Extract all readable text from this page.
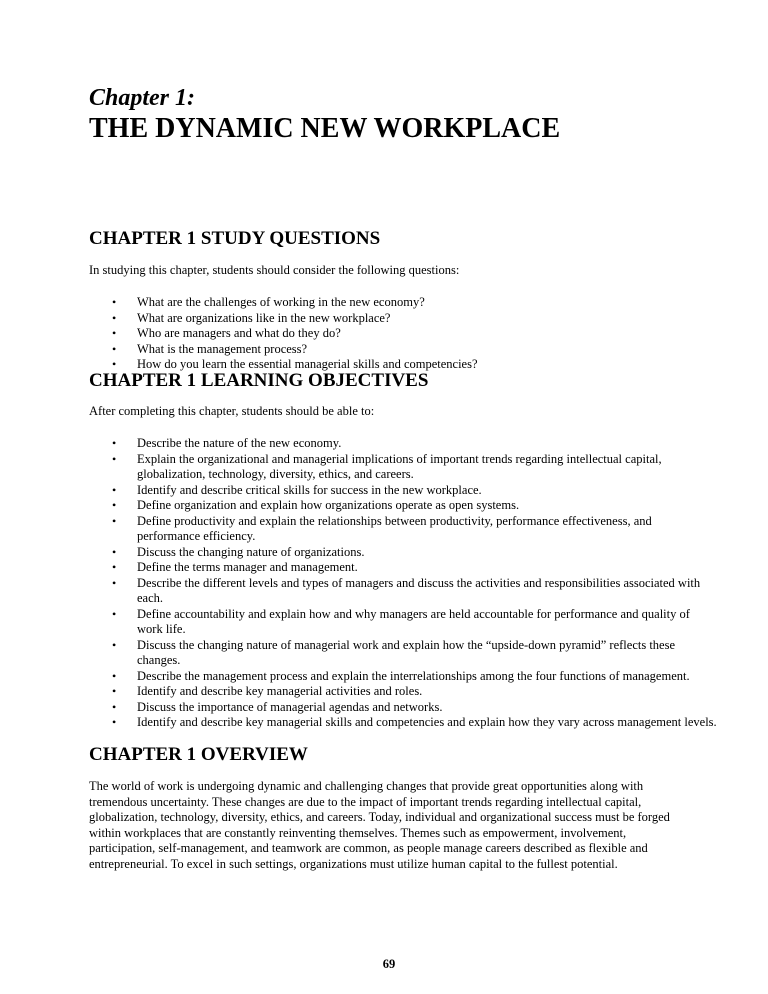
Chapter 1:

THE DYNAMIC NEW WORKPLACE
CHAPTER 1 STUDY QUESTIONS

In studying this chapter, students should consider the following questions:

• What are the challenges of working in the new economy?
• What are organizations like in the new workplace?
• Who are managers and what do they do?
• What is the management process?
• How do you learn the essential managerial skills and competencies?
CHAPTER 1 LEARNING OBJECTIVES

After completing this chapter, students should be able to:

• Describe the nature of the new economy.
• Explain the organizational and managerial implications of important trends regarding intellectual capital, globalization, technology, diversity, ethics, and careers.
• Identify and describe critical skills for success in the new workplace.
• Define organization and explain how organizations operate as open systems.
• Define productivity and explain the relationships between productivity, performance effectiveness, and performance efficiency.
• Discuss the changing nature of organizations.
• Define the terms manager and management.
• Describe the different levels and types of managers and discuss the activities and responsibilities associated with each.
• Define accountability and explain how and why managers are held accountable for performance and quality of work life.
• Discuss the changing nature of managerial work and explain how the “upside-down pyramid” reflects these changes.
• Describe the management process and explain the interrelationships among the four functions of management.
• Identify and describe key managerial activities and roles.
• Discuss the importance of managerial agendas and networks.
• Identify and describe key managerial skills and competencies and explain how they vary across management levels.
CHAPTER 1 OVERVIEW

The world of work is undergoing dynamic and challenging changes that provide great opportunities along with tremendous uncertainty. These changes are due to the impact of important trends regarding intellectual capital, globalization, technology, diversity, ethics, and careers. Today, individual and organizational success must be forged within workplaces that are constantly reinventing themselves. Themes such as empowerment, involvement, participation, self-management, and teamwork are common, as people manage careers described as flexible and entrepreneurial. To excel in such settings, organizations must utilize human capital to the fullest potential.

69
